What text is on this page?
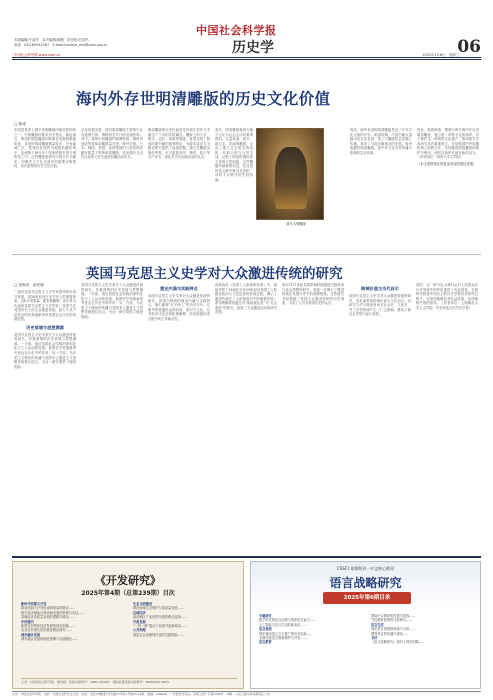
本版编辑/于淑华　本声编辑/胡薇　责任校对/刘杰
电话：010-85941567　E-mail:lishixue_zxp@cass.org.cn
中国社会科学报
历史学	06
中国社会科学网 www.cssn.cn	2025年1月8日　星期三
海内外存世明清雕版的历史文化价值
□ 陈涛

中国是世界上最早发明雕版印刷术的国家之一。中国雕版印刷术历史悠久，源远流长。明清时期是雕版印刷事业发展的鼎盛阶段，存世的明清雕版数量较多，分布地域广泛，既保存在国内各地的收藏机构中，也流散于海外多个国家的图书馆与博物馆之中。这些雕版是研究中国古代书籍史、印刷史与文化交流史的重要实物资料，具有重要的历史文化价值。

从存世情况看，国内明清雕版主要集中在各级图书馆、博物馆及专门的出版机构。其中，扬州中国雕版印刷博物馆、德格印经院等机构收藏数量可观。海外方面，日本、韩国、美国、英国等国的公私机构亦藏有数量不等的明清雕版，其来源多与近代以来的文化交流及收藏活动有关。

明清雕版的历史价值首先体现在其作为书籍生产工具的实物属性。雕版上的文字、版式、边栏、鱼尾等要素，直观呈现了明清时期书籍的版刻特征，为版本鉴定与书籍史研究提供了直接依据。通过对雕版实物的考察，可以复原刻书、刷印、装订等生产环节，深化对古代出版活动的认识。

其次，明清雕版是研究地方文化与社会生活的重要资料。大量家谱、善书、地方志、年画等雕版，记录了地方社会的宗族结构、信仰习俗与日常生活，反映了明清时期民间文化的丰富面貌。这些雕版所承载的信息，往往是传世文献中难以见到的，具有不可替代的史料价值。

再次，海外存世的明清雕版见证了中外文化交流的历史。明清时期，中国书籍大量输出至东亚各国，刻工与雕版技艺亦随之传播，推动了当地出版事业的发展。海外收藏的明清雕版，是中华文化对外传播与影响的生动体现。

因此，系统调查、整理与研究海内外存世明清雕版，建立统一的数字化资源库，对于保护这一珍贵的文化遗产、推动相关学术研究具有重要意义。应加强国内外收藏机构之间的合作，共同推进明清雕版的保护与利用，使其在新时代焕发新的活力。（作者单位：扬州大学文学院）

（本文系国家社科基金项目阶段性成果）

清代木刻雕版
英国马克思主义史学对大众激进传统的研究
□ 张海英　梁民愫

二战后英国马克思主义史学家群体的形成与发展，是20世纪西方史学史上的重要现象。以E.P.汤普森、霍布斯鲍姆、希尔等为代表的英国马克思主义史学家，高度关注英国历史上的大众激进传统，致力于从下层民众的视角重新审视英国社会历史的发展进程。

历史语境与思想渊源

英国马克思主义史学家关于大众激进传统的研究，有着深刻的历史语境与思想渊源。一方面，战后英国社会结构的深刻变化与工人运动的发展，促使史学家重新思考民众在历史中的作用；另一方面，马克思主义理论的传播与英国本土激进主义思想传统相互结合，为这一研究提供了理论资源。

英国马克思主义史学家关于大众激进传统的研究，有着深刻的历史语境与思想渊源。一方面，战后英国社会结构的深刻变化与工人运动的发展，促使史学家重新思考民众在历史中的作用；另一方面，马克思主义理论的传播与英国本土激进主义思想传统相互结合，为这一研究提供了理论资源。

理论内涵与实践特点

英国马克思主义史学家对大众激进传统的研究，体现出鲜明的理论内涵与实践特点。他们强调“自下而上”的历史书写，注重考察普通民众的经验、意识与文化，反对经济决定论的机械解释，突出阶级形成过程中的主体能动性。

汤普森在《英国工人阶级的形成》中，系统考察了18世纪末至19世纪初英国工人阶级在政治与文化层面的形成过程，揭示了激进传统在工人阶级意识中的重要作用。霍布斯鲍姆则通过对“原始叛乱者”与“社会盗匪”的研究，拓展了大众激进运动的研究范围。

希尔对17世纪英国革命时期激进宗教派别与民众思想的研究，则进一步揭示了激进传统在英国历史中的深厚根基。这些研究共同构建了英国大众激进传统的历史谱系，丰富了人们对英国历史的认识。

跨域价值与当代启示

英国马克思主义史学对大众激进传统的研究，具有重要的跨域价值与当代启示。其研究方法与理论视角对社会史、文化史、劳工史等领域产生了广泛影响，推动了新社会史的兴起与发展。

同时，这一研究也为我们认识人民群众在历史发展中的作用提供了有益借鉴。在新时代构建中国自主的历史学知识体系的过程中，应批判地吸收其有益成果，坚持唯物史观的指导。（作者单位：上海师范大学人文学院；华东师范大学历史学系）

《开发研究》
2025年第4期（总第239期）目次
新时代西部大开发
推动西部大开发形成新格局的路径……
数字经济赋能区域协调发展的机制与实证……
县域经济高质量发展的逻辑与路径……
乡村振兴
新型农村集体经济发展的现实困境……
农业农村现代化的推进路径研究……
城乡融合发展
城乡融合发展的理论逻辑与实践路径……
生态文明建设
黄河流域生态保护与高质量发展……
区域经济
西部地区产业转型升级的路径选择……
开放发展
“一带一路”倡议下西部开放新格局……
公共治理
基层社会治理现代化的实践探索……
主办：甘肃省社会科学院　国内统一连续出版物号：CN62-1049/F　国际标准连续出版物号：ISSN1004-9894
CSSCI 来源期刊 · 中文核心期刊
语言战略研究
2025年第6期目录
专题研究
数字时代的语言治理与国家语言能力……
人工智能与语言生活的新变化……
语言规划
国家通用语言文字推广的历史经验……
少数民族语言资源保护与开发……
语言教育
国际中文教育的发展与挑战……
外语教育政策的比较研究……
语言生活
城市语言景观的调查与分析……
网络语言的传播与规范……
书评
《语言战略研究》创刊十周年回顾……
主办：中国社会科学院　出版：中国社会科学杂志社　社址：北京市朝阳区光华路15号院1号楼11-12层　邮编：100026　广告经营许可证：京朝工商广字第0144号　印刷：人民日报印务有限责任公司
